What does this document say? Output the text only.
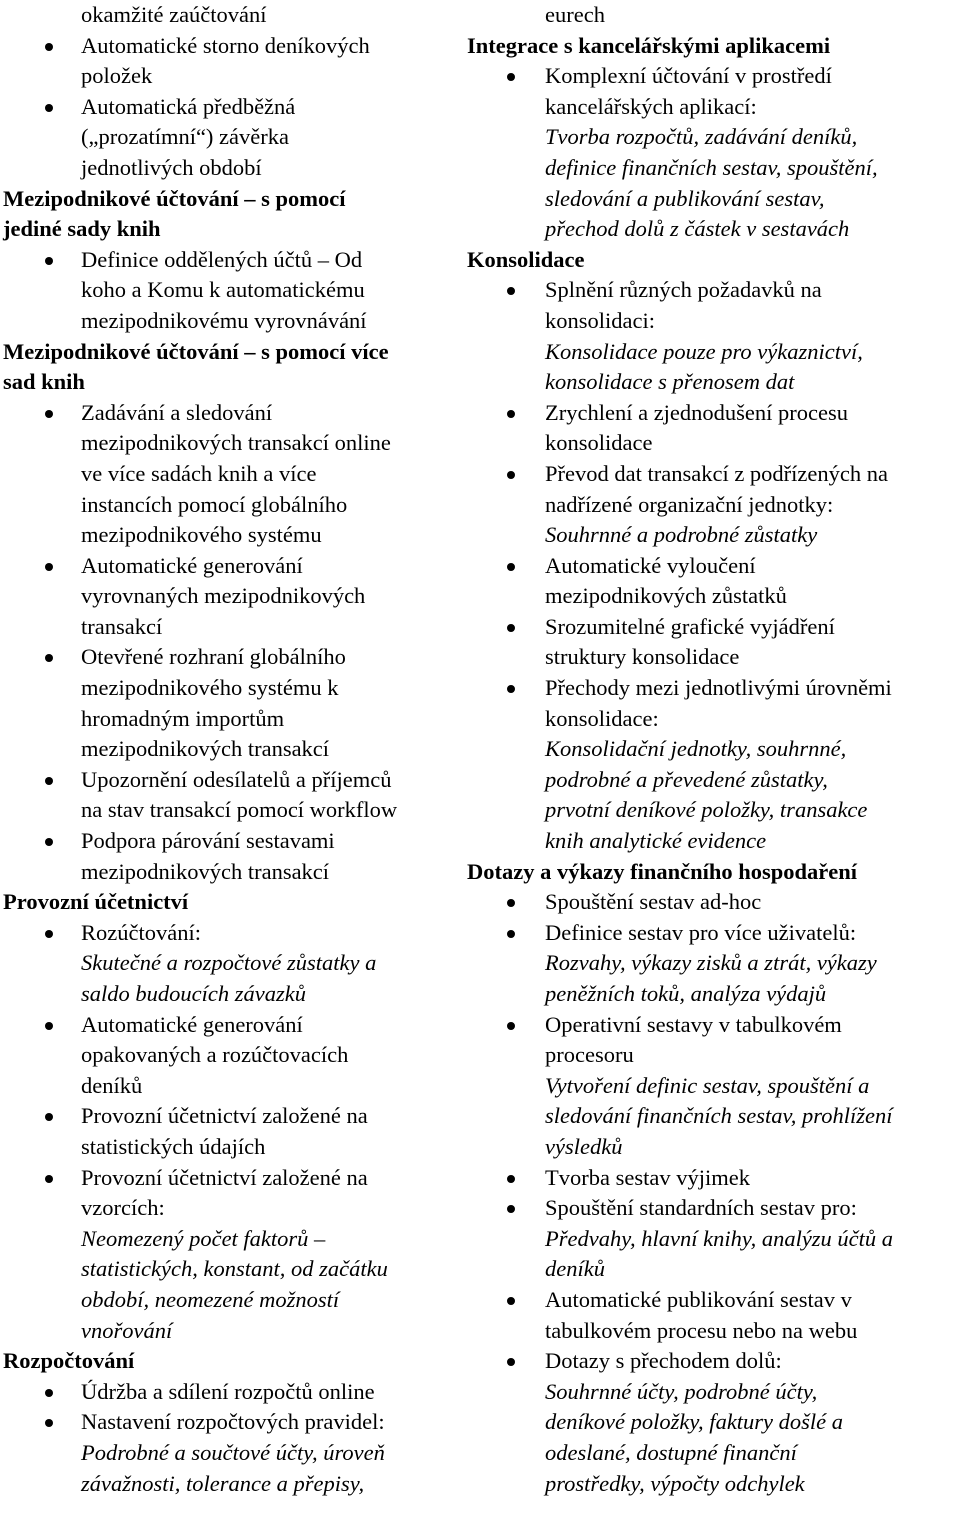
okamžité zaúčtování
Automatické storno deníkových
položek
Automatická předběžná
(„prozatímní“) závěrka
jednotlivých období
Mezipodnikové účtování – s pomocí
jediné sady knih
Definice oddělených účtů – Od
koho a Komu k automatickému
mezipodnikovému vyrovnávání
Mezipodnikové účtování – s pomocí více
sad knih
Zadávání a sledování
mezipodnikových transakcí online
ve více sadách knih a více
instancích pomocí globálního
mezipodnikového systému
Automatické generování
vyrovnaných mezipodnikových
transakcí
Otevřené rozhraní globálního
mezipodnikového systému k
hromadným importům
mezipodnikových transakcí
Upozornění odesílatelů a příjemců
na stav transakcí pomocí workflow
Podpora párování sestavami
mezipodnikových transakcí
Provozní účetnictví
Rozúčtování:
Skutečné a rozpočtové zůstatky a
saldo budoucích závazků
Automatické generování
opakovaných a rozúčtovacích
deníků
Provozní účetnictví založené na
statistických údajích
Provozní účetnictví založené na
vzorcích:
Neomezený počet faktorů –
statistických, konstant, od začátku
období, neomezené možností
vnořování
Rozpočtování
Údržba a sdílení rozpočtů online
Nastavení rozpočtových pravidel:
Podrobné a součtové účty, úroveň
závažnosti, tolerance a přepisy,
eurech
Integrace s kancelářskými aplikacemi
Komplexní účtování v prostředí
kancelářských aplikací:
Tvorba rozpočtů, zadávání deníků,
definice finančních sestav, spouštění,
sledování a publikování sestav,
přechod dolů z částek v sestavách
Konsolidace
Splnění různých požadavků na
konsolidaci:
Konsolidace pouze pro výkaznictví,
konsolidace s přenosem dat
Zrychlení a zjednodušení procesu
konsolidace
Převod dat transakcí z podřízených na
nadřízené organizační jednotky:
Souhrnné a podrobné zůstatky
Automatické vyloučení
mezipodnikových zůstatků
Srozumitelné grafické vyjádření
struktury konsolidace
Přechody mezi jednotlivými úrovněmi
konsolidace:
Konsolidační jednotky, souhrnné,
podrobné a převedené zůstatky,
prvotní deníkové položky, transakce
knih analytické evidence
Dotazy a výkazy finančního hospodaření
Spouštění sestav ad-hoc
Definice sestav pro více uživatelů:
Rozvahy, výkazy zisků a ztrát, výkazy
peněžních toků, analýza výdajů
Operativní sestavy v tabulkovém
procesoru
Vytvoření definic sestav, spouštění a
sledování finančních sestav, prohlížení
výsledků
Tvorba sestav výjimek
Spouštění standardních sestav pro:
Předvahy, hlavní knihy, analýzu účtů a
deníků
Automatické publikování sestav v
tabulkovém procesu nebo na webu
Dotazy s přechodem dolů:
Souhrnné účty, podrobné účty,
deníkové položky, faktury došlé a
odeslané, dostupné finanční
prostředky, výpočty odchylek
